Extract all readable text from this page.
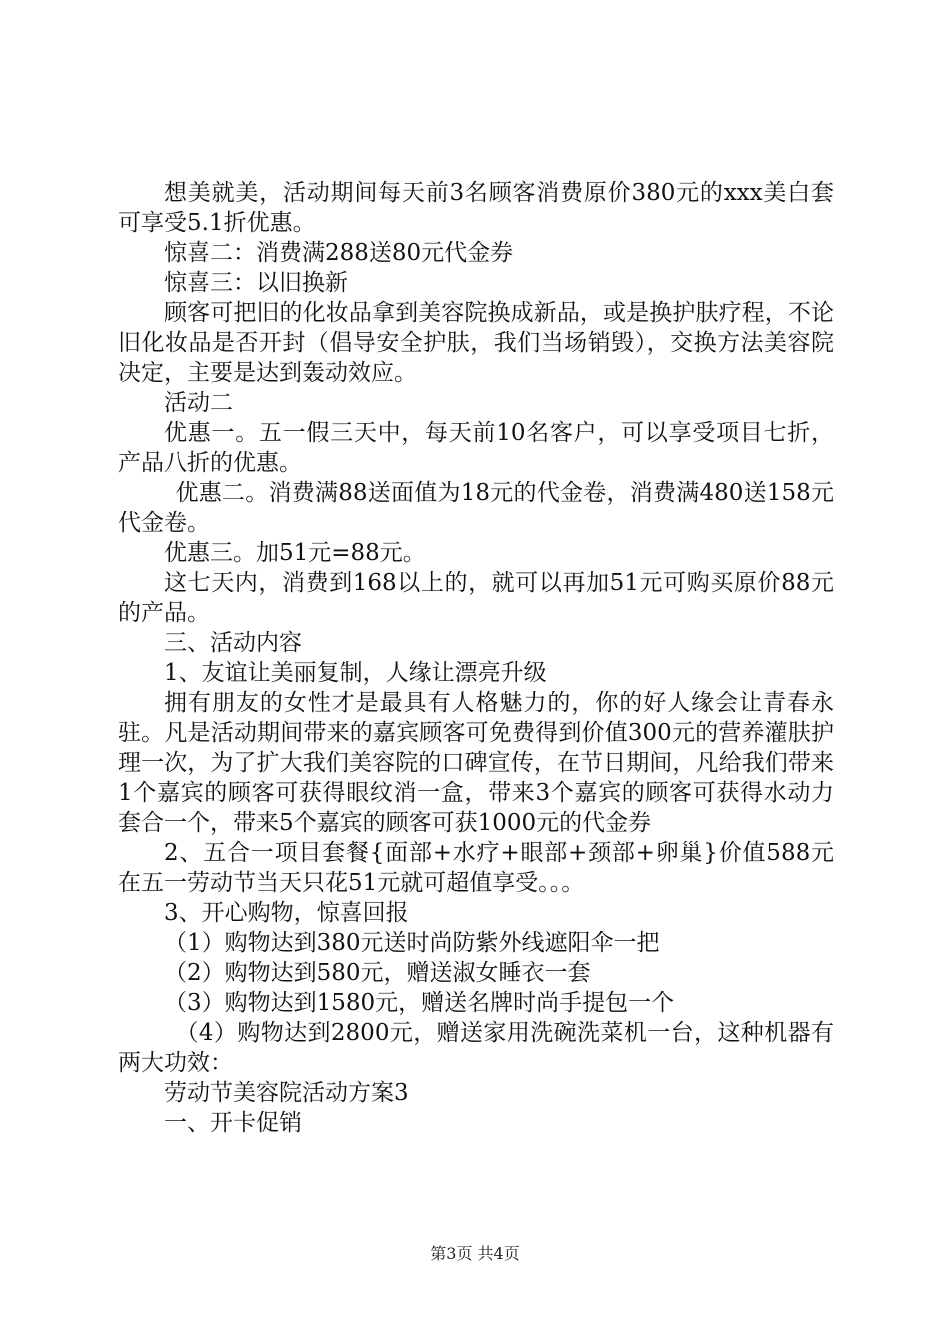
想美就美，活动期间每天前3名顾客消费原价380元的xxx美白套可享受5.1折优惠。

惊喜二：消费满288送80元代金券

惊喜三：以旧换新

顾客可把旧的化妆品拿到美容院换成新品，或是换护肤疗程，不论旧化妆品是否开封（倡导安全护肤，我们当场销毁），交换方法美容院决定，主要是达到轰动效应。

活动二

优惠一。五一假三天中，每天前10名客户，可以享受项目七折，产品八折的优惠。

优惠二。消费满88送面值为18元的代金卷，消费满480送158元代金卷。

优惠三。加51元=88元。

这七天内，消费到168以上的，就可以再加51元可购买原价88元的产品。

三、活动内容

1、友谊让美丽复制，人缘让漂亮升级

拥有朋友的女性才是最具有人格魅力的，你的好人缘会让青春永驻。凡是活动期间带来的嘉宾顾客可免费得到价值300元的营养灌肤护理一次，为了扩大我们美容院的口碑宣传，在节日期间，凡给我们带来1个嘉宾的顾客可获得眼纹消一盒，带来3个嘉宾的顾客可获得水动力套合一个，带来5个嘉宾的顾客可获1000元的代金券

2、五合一项目套餐{面部+水疗+眼部+颈部+卵巢}价值588元在五一劳动节当天只花51元就可超值享受。。。

3、开心购物，惊喜回报

（1）购物达到380元送时尚防紫外线遮阳伞一把

（2）购物达到580元，赠送淑女睡衣一套

（3）购物达到1580元，赠送名牌时尚手提包一个

（4）购物达到2800元，赠送家用洗碗洗菜机一台，这种机器有两大功效：

劳动节美容院活动方案3

一、开卡促销

第3页 共4页
